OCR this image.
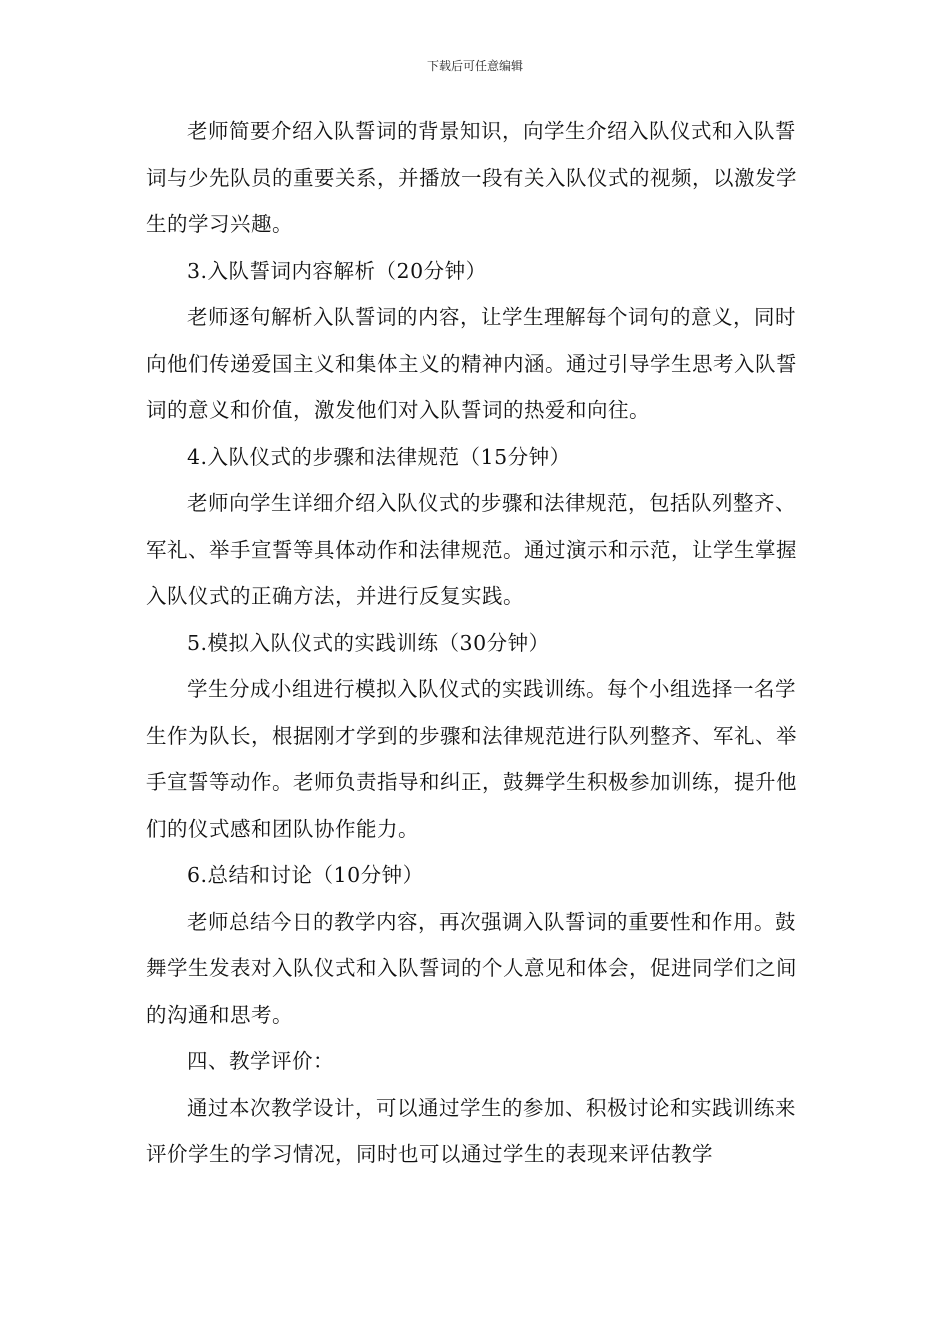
下载后可任意编辑

老师简要介绍入队誓词的背景知识，向学生介绍入队仪式和入队誓词与少先队员的重要关系，并播放一段有关入队仪式的视频，以激发学生的学习兴趣。

3.入队誓词内容解析（20分钟）

老师逐句解析入队誓词的内容，让学生理解每个词句的意义，同时向他们传递爱国主义和集体主义的精神内涵。通过引导学生思考入队誓词的意义和价值，激发他们对入队誓词的热爱和向往。

4.入队仪式的步骤和法律规范（15分钟）

老师向学生详细介绍入队仪式的步骤和法律规范，包括队列整齐、军礼、举手宣誓等具体动作和法律规范。通过演示和示范，让学生掌握入队仪式的正确方法，并进行反复实践。

5.模拟入队仪式的实践训练（30分钟）

学生分成小组进行模拟入队仪式的实践训练。每个小组选择一名学生作为队长，根据刚才学到的步骤和法律规范进行队列整齐、军礼、举手宣誓等动作。老师负责指导和纠正，鼓舞学生积极参加训练，提升他们的仪式感和团队协作能力。

6.总结和讨论（10分钟）

老师总结今日的教学内容，再次强调入队誓词的重要性和作用。鼓舞学生发表对入队仪式和入队誓词的个人意见和体会，促进同学们之间的沟通和思考。

四、教学评价：

通过本次教学设计，可以通过学生的参加、积极讨论和实践训练来评价学生的学习情况，同时也可以通过学生的表现来评估教学
